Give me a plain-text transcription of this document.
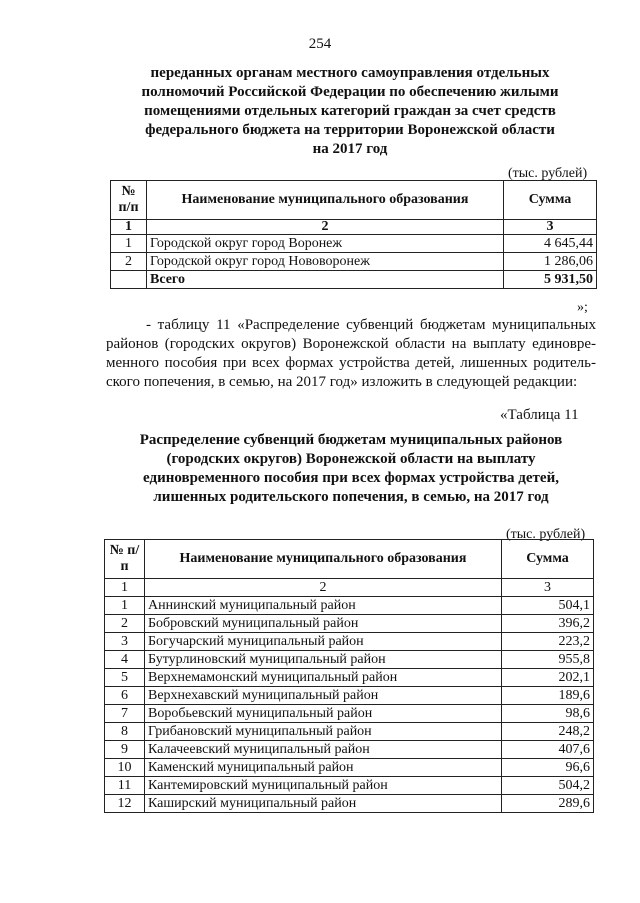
254
переданных органам местного самоуправления отдельных
полномочий Российской Федерации по обеспечению жилыми
помещениями отдельных категорий граждан за счет средств
федерального бюджета на территории Воронежской области
на 2017 год
(тыс. рублей)
№ п/п	Наименование муниципального образования	Сумма
1	2	3
1	Городской округ город Воронеж	4 645,44
2	Городской округ город Нововоронеж	1 286,06
	Всего	5 931,50
»;
- таблицу 11 «Распределение субвенций бюджетам муниципальных
районов (городских округов) Воронежской области на выплату единовре-
менного пособия при всех формах устройства детей, лишенных родитель-
ского попечения, в семью, на 2017 год» изложить в следующей редакции:
«Таблица 11
Распределение субвенций бюджетам муниципальных районов
(городских округов) Воронежской области на выплату
единовременного пособия при всех формах устройства детей,
лишенных родительского попечения, в семью, на 2017 год
(тыс. рублей)
№ п/п	Наименование муниципального образования	Сумма
1	2	3
1	Аннинский муниципальный район	504,1
2	Бобровский муниципальный район	396,2
3	Богучарский муниципальный район	223,2
4	Бутурлиновский муниципальный район	955,8
5	Верхнемамонский муниципальный район	202,1
6	Верхнехавский муниципальный район	189,6
7	Воробьевский муниципальный район	98,6
8	Грибановский муниципальный район	248,2
9	Калачеевский муниципальный район	407,6
10	Каменский муниципальный район	96,6
11	Кантемировский муниципальный район	504,2
12	Каширский муниципальный район	289,6
